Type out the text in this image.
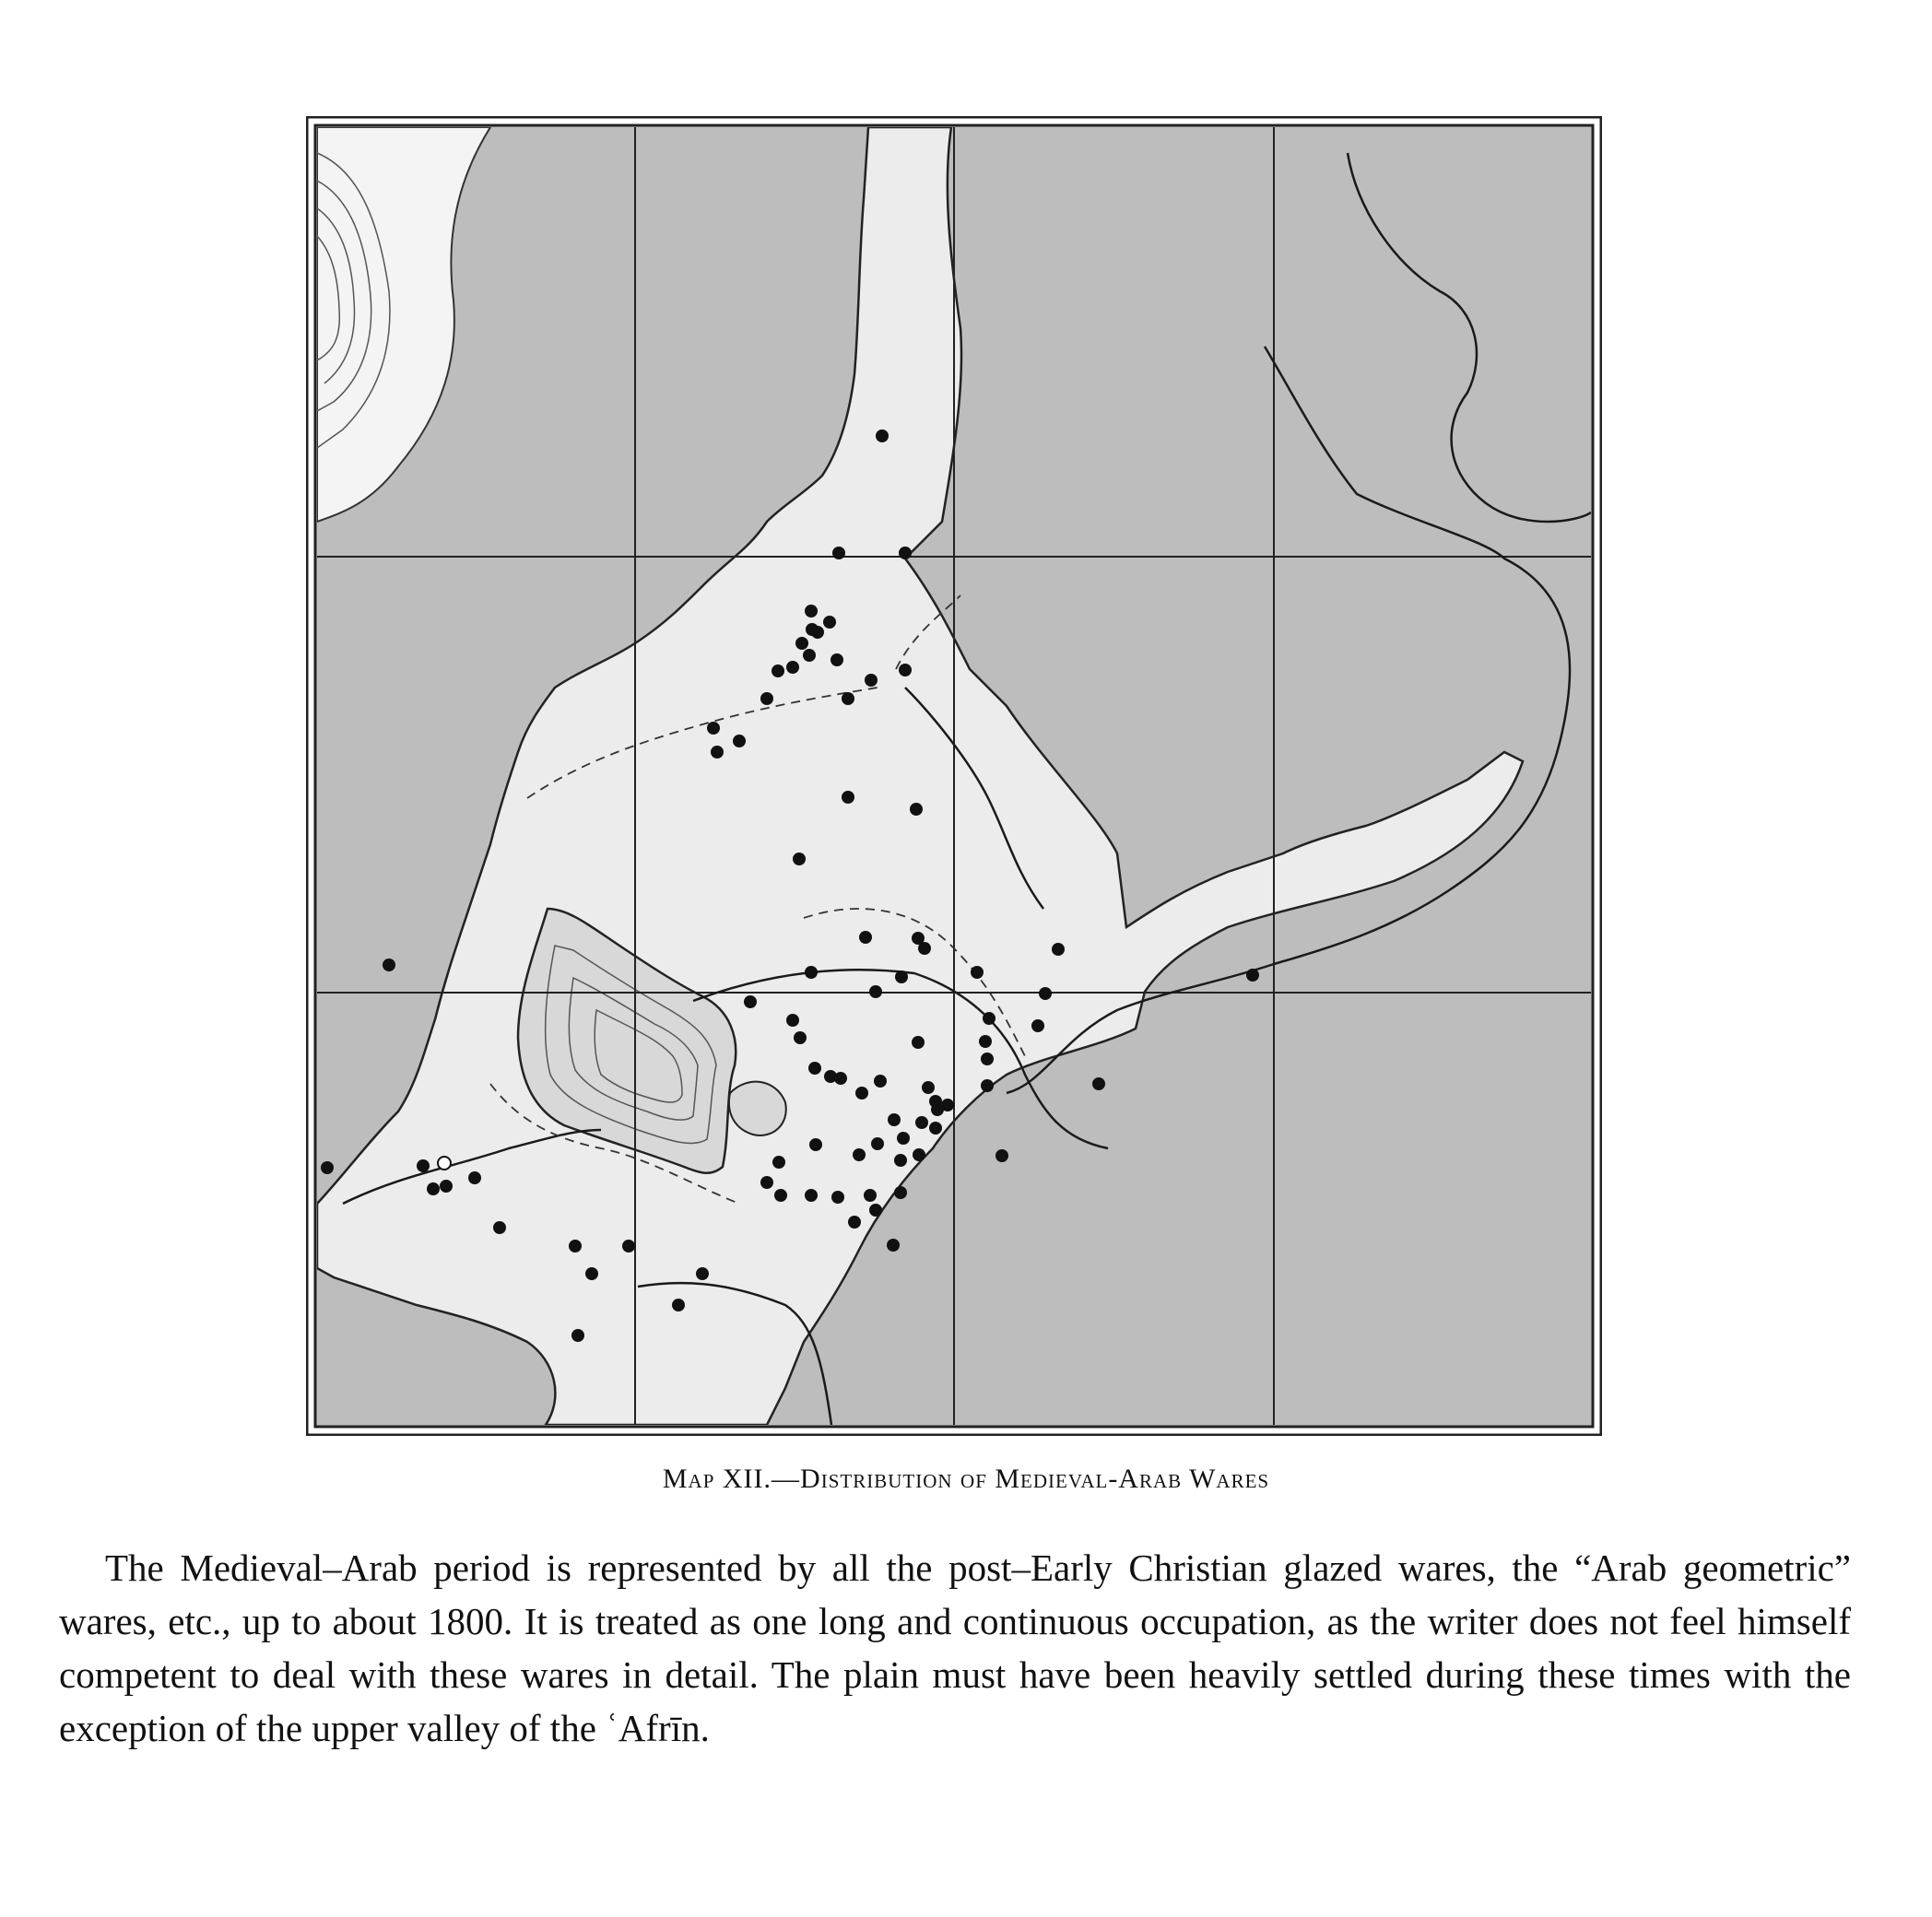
Map XII.—Distribution of Medieval-Arab Wares
The Medieval–Arab period is represented by all the post–Early Christian glazed wares, the “Arab geometric” wares, etc., up to about 1800. It is treated as one long and continuous occupation, as the writer does not feel himself competent to deal with these wares in detail. The plain must have been heavily settled during these times with the exception of the upper valley of the ʿAfrīn.
